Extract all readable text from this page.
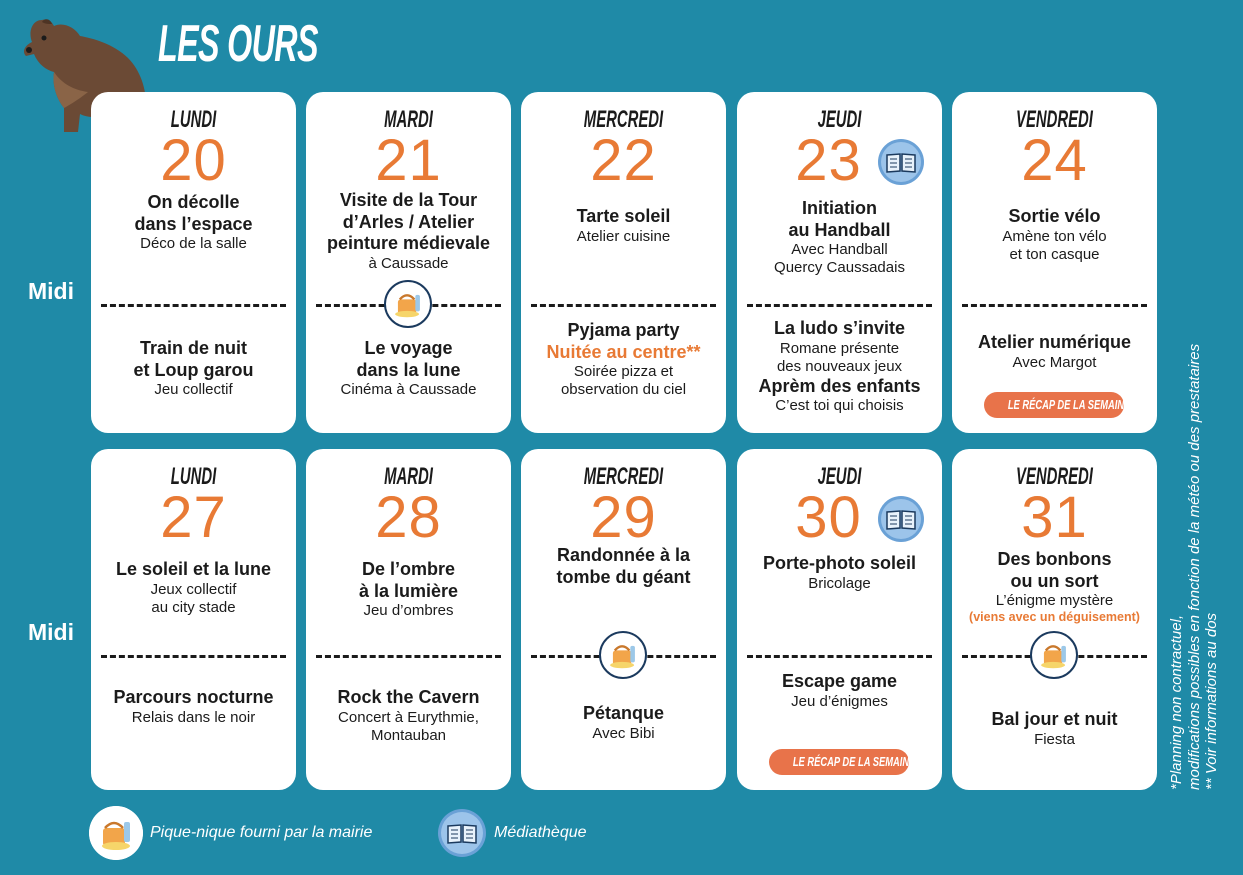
LES OURS
Midi
Midi
LUNDI
20
On décolle
dans l’espace
Déco de la salle
Train de nuit
et Loup garou
Jeu collectif
MARDI
21
Visite de la Tour
d’Arles / Atelier
peinture médievale
à Caussade
Le voyage
dans la lune
Cinéma à Caussade
MERCREDI
22
Tarte soleil
Atelier cuisine
Pyjama party
Nuitée au centre**
Soirée pizza et
observation du ciel
JEUDI
23
Initiation
au Handball
Avec Handball
Quercy Caussadais
La ludo s’invite
Romane présente
des nouveaux jeux
Aprèm des enfants
C’est toi qui choisis
VENDREDI
24
Sortie vélo
Amène ton vélo
et ton casque
Atelier numérique
Avec Margot
LE RÉCAP DE LA SEMAINE
LUNDI
27
Le soleil et la lune
Jeux collectif
au city stade
Parcours nocturne
Relais dans le noir
MARDI
28
De l’ombre
à la lumière
Jeu d’ombres
Rock the Cavern
Concert à Eurythmie,
Montauban
MERCREDI
29
Randonnée à la
tombe du géant
Pétanque
Avec Bibi
JEUDI
30
Porte-photo soleil
Bricolage
Escape game
Jeu d’énigmes
LE RÉCAP DE LA SEMAINE
VENDREDI
31
Des bonbons
ou un sort
L’énigme mystère
(viens avec un déguisement)
Bal jour et nuit
Fiesta
Pique-nique fourni par la mairie	Médiathèque
*Planning non contractuel, modifications possibles en fonction de la météo ou des prestataires ** Voir informations au dos
